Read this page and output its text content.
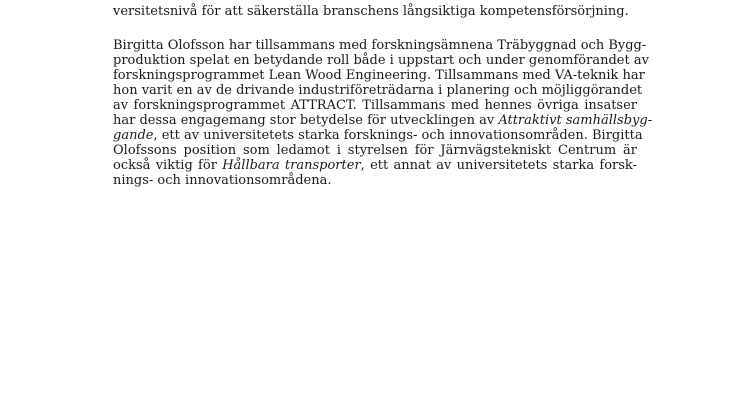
versitetsnivå för att säkerställa branschens långsiktiga kompetensförsörjning.
Birgitta Olofsson har tillsammans med forskningsämnena Träbyggnad och Bygg-
produktion spelat en betydande roll både i uppstart och under genomförandet av
forskningsprogrammet Lean Wood Engineering. Tillsammans med VA-teknik har
hon varit en av de drivande industriföreträdarna i planering och möjliggörandet
av forskningsprogrammet ATTRACT. Tillsammans med hennes övriga insatser
har dessa engagemang stor betydelse för utvecklingen av Attraktivt samhällsbyg-
gande, ett av universitetets starka forsknings- och innovationsområden. Birgitta
Olofssons position som ledamot i styrelsen för Järnvägstekniskt Centrum är
också viktig för Hållbara transporter, ett annat av universitetets starka forsk-
nings- och innovationsområdena.
